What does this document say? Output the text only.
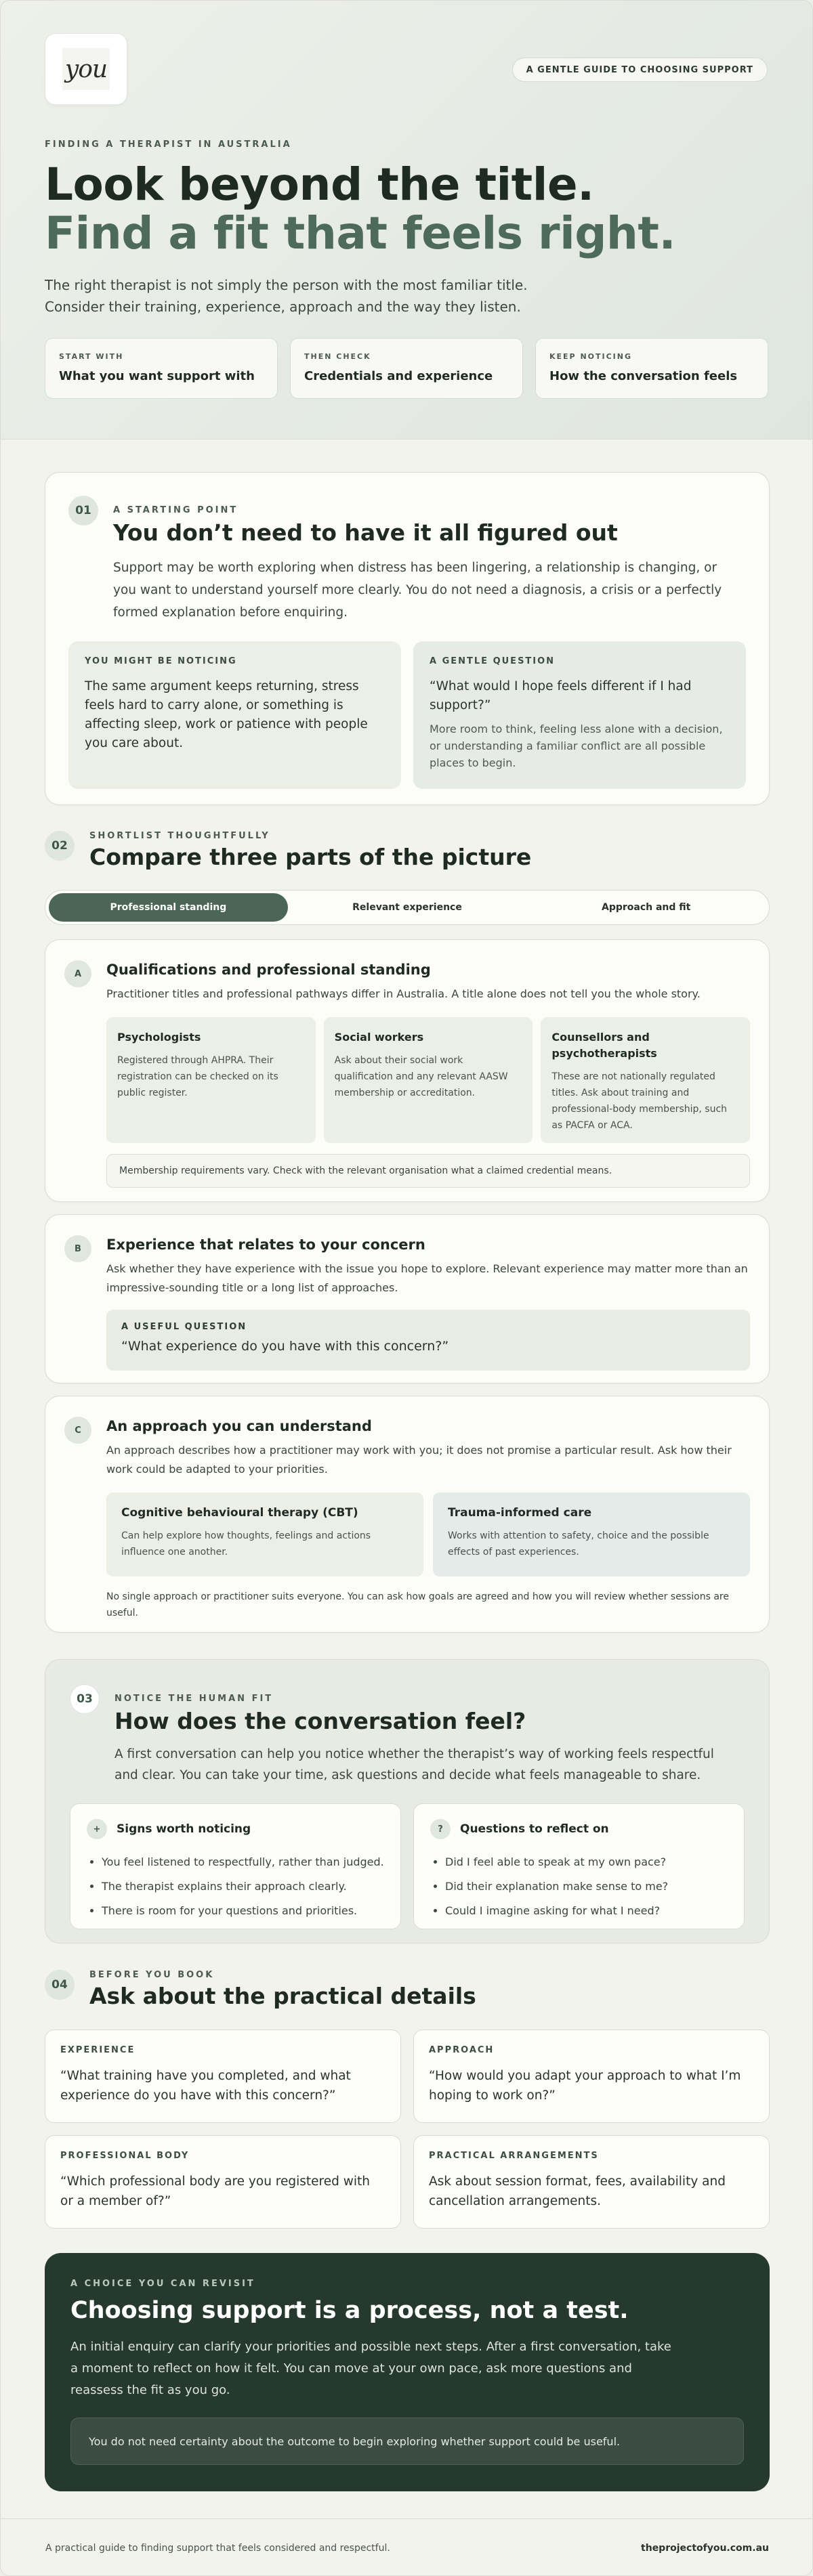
you	A GENTLE GUIDE TO CHOOSING SUPPORT
FINDING A THERAPIST IN AUSTRALIA
Look beyond the title.
Find a fit that feels right.

The right therapist is not simply the person with the most familiar title. Consider their training, experience, approach and the way they listen.

START WITH
What you want support with
THEN CHECK
Credentials and experience
KEEP NOTICING
How the conversation feels
01	A STARTING POINT
You don’t need to have it all figured out

Support may be worth exploring when distress has been lingering, a relationship is changing, or you want to understand yourself more clearly. You do not need a diagnosis, a crisis or a perfectly formed explanation before enquiring.

YOU MIGHT BE NOTICING

The same argument keeps returning, stress feels hard to carry alone, or something is affecting sleep, work or patience with people you care about.

A GENTLE QUESTION

“What would I hope feels different if I had support?”

More room to think, feeling less alone with a decision, or understanding a familiar conflict are all possible places to begin.

02
SHORTLIST THOUGHTFULLY
Compare three parts of the picture
Professional standing	Relevant experience	Approach and fit
A	Qualifications and professional standing

Practitioner titles and professional pathways differ in Australia. A title alone does not tell you the whole story.

Psychologists
Registered through AHPRA. Their registration can be checked on its public register.
Social workers
Ask about their social work qualification and any relevant AASW membership or accreditation.
Counsellors and psychotherapists
These are not nationally regulated titles. Ask about training and professional-body membership, such as PACFA or ACA.
Membership requirements vary. Check with the relevant organisation what a claimed credential means.
B	Experience that relates to your concern

Ask whether they have experience with the issue you hope to explore. Relevant experience may matter more than an impressive-sounding title or a long list of approaches.

A USEFUL QUESTION
“What experience do you have with this concern?”
C	An approach you can understand

An approach describes how a practitioner may work with you; it does not promise a particular result. Ask how their work could be adapted to your priorities.

Cognitive behavioural therapy (CBT)
Can help explore how thoughts, feelings and actions influence one another.
Trauma-informed care
Works with attention to safety, choice and the possible effects of past experiences.

No single approach or practitioner suits everyone. You can ask how goals are agreed and how you will review whether sessions are useful.

03	NOTICE THE HUMAN FIT
How does the conversation feel?

A first conversation can help you notice whether the therapist’s way of working feels respectful and clear. You can take your time, ask questions and decide what feels manageable to share.

+	Signs worth noticing
• You feel listened to respectfully, rather than judged.
• The therapist explains their approach clearly.
• There is room for your questions and priorities.
?	Questions to reflect on
• Did I feel able to speak at my own pace?
• Did their explanation make sense to me?
• Could I imagine asking for what I need?
04
BEFORE YOU BOOK
Ask about the practical details
EXPERIENCE
“What training have you completed, and what experience do you have with this concern?”
APPROACH
“How would you adapt your approach to what I’m hoping to work on?”
PROFESSIONAL BODY
“Which professional body are you registered with or a member of?”
PRACTICAL ARRANGEMENTS
Ask about session format, fees, availability and cancellation arrangements.
A CHOICE YOU CAN REVISIT
Choosing support is a process, not a test.

An initial enquiry can clarify your priorities and possible next steps. After a first conversation, take a moment to reflect on how it felt. You can move at your own pace, ask more questions and reassess the fit as you go.

You do not need certainty about the outcome to begin exploring whether support could be useful.
A practical guide to finding support that feels considered and respectful.	theprojectofyou.com.au
